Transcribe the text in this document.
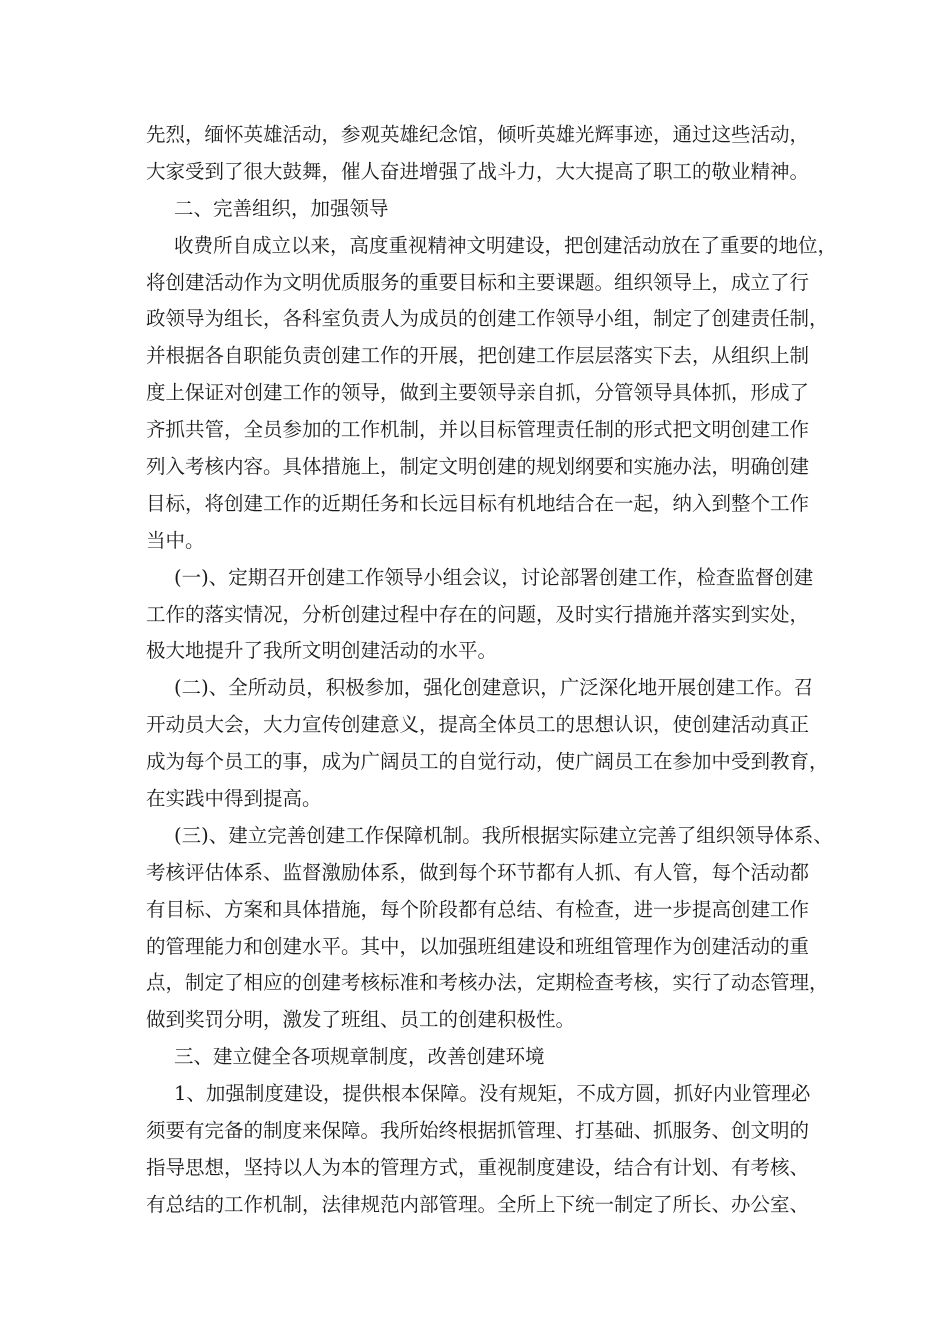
先烈，缅怀英雄活动，参观英雄纪念馆，倾听英雄光辉事迹，通过这些活动，
大家受到了很大鼓舞，催人奋进增强了战斗力，大大提高了职工的敬业精神。
二、完善组织，加强领导
收费所自成立以来，高度重视精神文明建设，把创建活动放在了重要的地位，
将创建活动作为文明优质服务的重要目标和主要课题。组织领导上，成立了行
政领导为组长，各科室负责人为成员的创建工作领导小组，制定了创建责任制，
并根据各自职能负责创建工作的开展，把创建工作层层落实下去，从组织上制
度上保证对创建工作的领导，做到主要领导亲自抓，分管领导具体抓，形成了
齐抓共管，全员参加的工作机制，并以目标管理责任制的形式把文明创建工作
列入考核内容。具体措施上，制定文明创建的规划纲要和实施办法，明确创建
目标，将创建工作的近期任务和长远目标有机地结合在一起，纳入到整个工作
当中。
(一)、定期召开创建工作领导小组会议，讨论部署创建工作，检查监督创建
工作的落实情况，分析创建过程中存在的问题，及时实行措施并落实到实处，
极大地提升了我所文明创建活动的水平。
(二)、全所动员，积极参加，强化创建意识，广泛深化地开展创建工作。召
开动员大会，大力宣传创建意义，提高全体员工的思想认识，使创建活动真正
成为每个员工的事，成为广阔员工的自觉行动，使广阔员工在参加中受到教育，
在实践中得到提高。
(三)、建立完善创建工作保障机制。我所根据实际建立完善了组织领导体系、
考核评估体系、监督激励体系，做到每个环节都有人抓、有人管，每个活动都
有目标、方案和具体措施，每个阶段都有总结、有检查，进一步提高创建工作
的管理能力和创建水平。其中，以加强班组建设和班组管理作为创建活动的重
点，制定了相应的创建考核标准和考核办法，定期检查考核，实行了动态管理，
做到奖罚分明，激发了班组、员工的创建积极性。
三、建立健全各项规章制度，改善创建环境
1、加强制度建设，提供根本保障。没有规矩，不成方圆，抓好内业管理必
须要有完备的制度来保障。我所始终根据抓管理、打基础、抓服务、创文明的
指导思想，坚持以人为本的管理方式，重视制度建设，结合有计划、有考核、
有总结的工作机制，法律规范内部管理。全所上下统一制定了所长、办公室、
